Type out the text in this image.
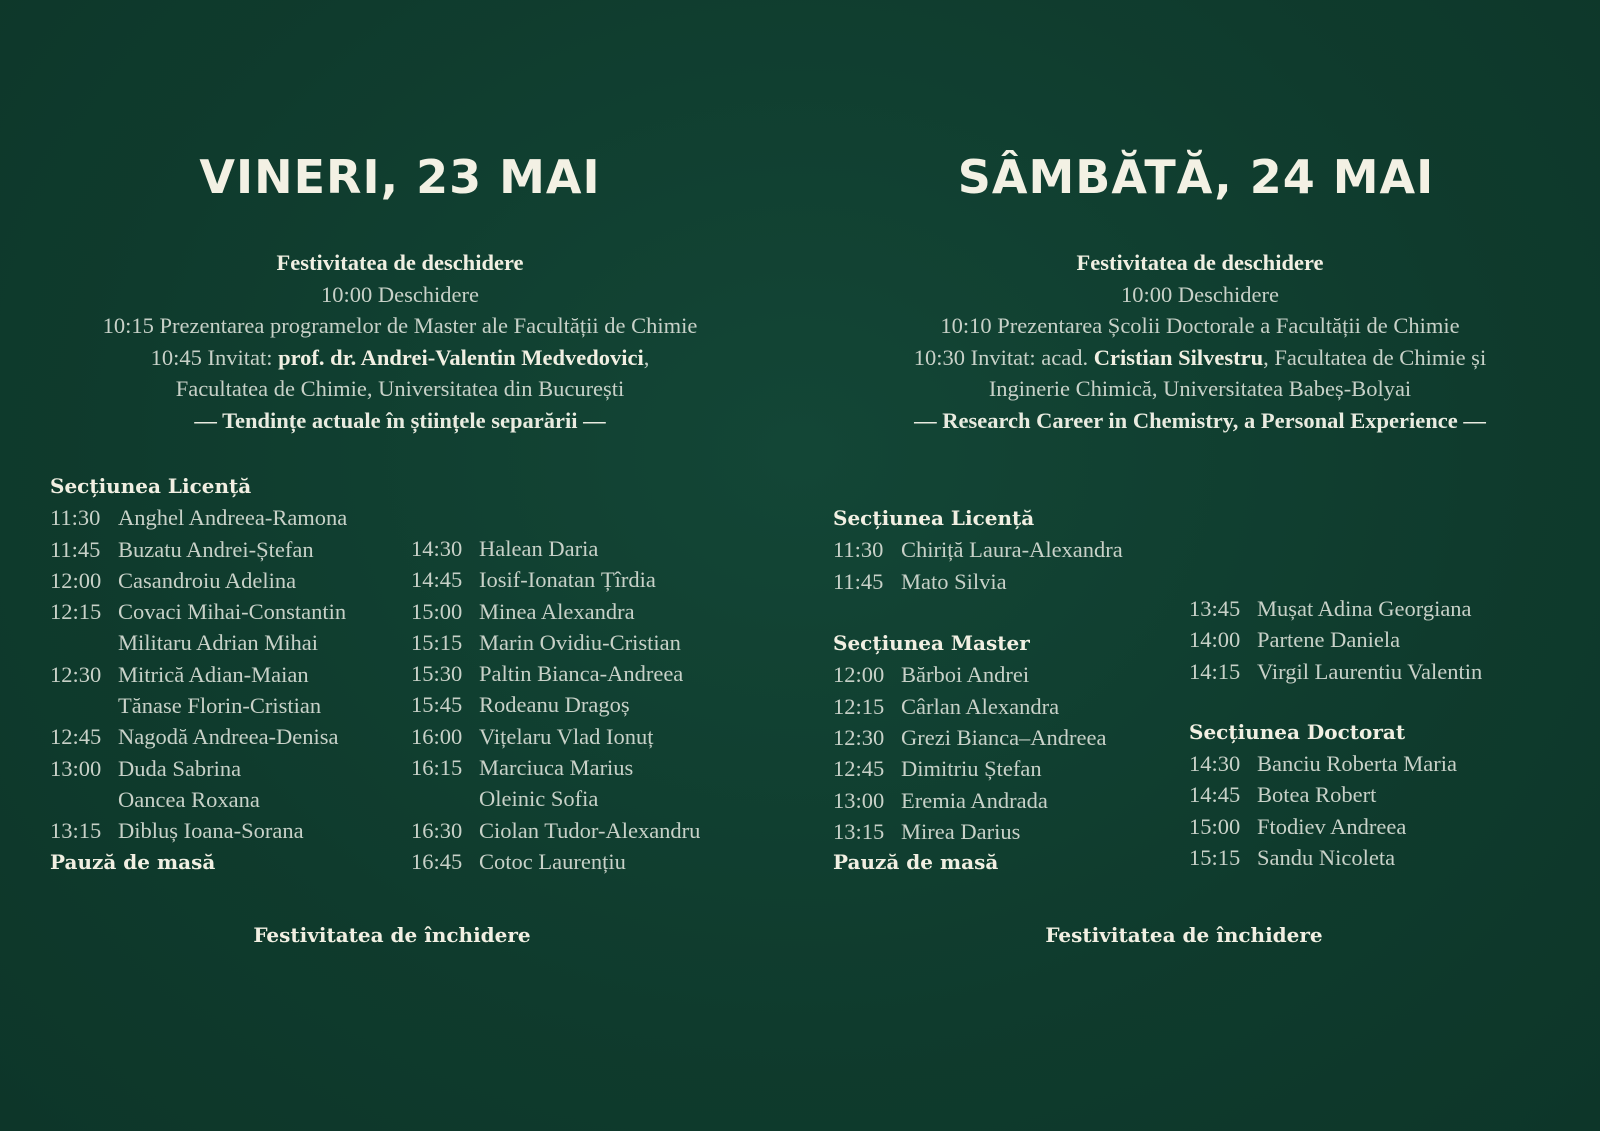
VINERI, 23 MAI
Festivitatea de deschidere
10:00 Deschidere
10:15 Prezentarea programelor de Master ale Facultății de Chimie
10:45 Invitat: prof. dr. Andrei-Valentin Medvedovici,
Facultatea de Chimie, Universitatea din București
— Tendințe actuale în științele separării —
Secțiunea Licență
11:30 Anghel Andreea-Ramona
11:45 Buzatu Andrei-Ștefan
12:00 Casandroiu Adelina
12:15 Covaci Mihai-Constantin
Militaru Adrian Mihai
12:30 Mitrică Adian-Maian
Tănase Florin-Cristian
12:45 Nagodă Andreea-Denisa
13:00 Duda Sabrina
Oancea Roxana
13:15 Dibluș Ioana-Sorana
Pauză de masă
14:30 Halean Daria
14:45 Iosif-Ionatan Țîrdia
15:00 Minea Alexandra
15:15 Marin Ovidiu-Cristian
15:30 Paltin Bianca-Andreea
15:45 Rodeanu Dragoș
16:00 Vițelaru Vlad Ionuț
16:15 Marciuca Marius
Oleinic Sofia
16:30 Ciolan Tudor-Alexandru
16:45 Cotoc Laurențiu
Festivitatea de închidere
SÂMBĂTĂ, 24 MAI
Festivitatea de deschidere
10:00 Deschidere
10:10 Prezentarea Școlii Doctorale a Facultății de Chimie
10:30 Invitat: acad. Cristian Silvestru, Facultatea de Chimie și
Inginerie Chimică, Universitatea Babeș-Bolyai
— Research Career in Chemistry, a Personal Experience —
Secțiunea Licență
11:30 Chiriță Laura-Alexandra
11:45 Mato Silvia
Secțiunea Master
12:00 Bărboi Andrei
12:15 Cârlan Alexandra
12:30 Grezi Bianca–Andreea
12:45 Dimitriu Ștefan
13:00 Eremia Andrada
13:15 Mirea Darius
Pauză de masă
13:45 Mușat Adina Georgiana
14:00 Partene Daniela
14:15 Virgil Laurentiu Valentin
Secțiunea Doctorat
14:30 Banciu Roberta Maria
14:45 Botea Robert
15:00 Ftodiev Andreea
15:15 Sandu Nicoleta
Festivitatea de închidere
